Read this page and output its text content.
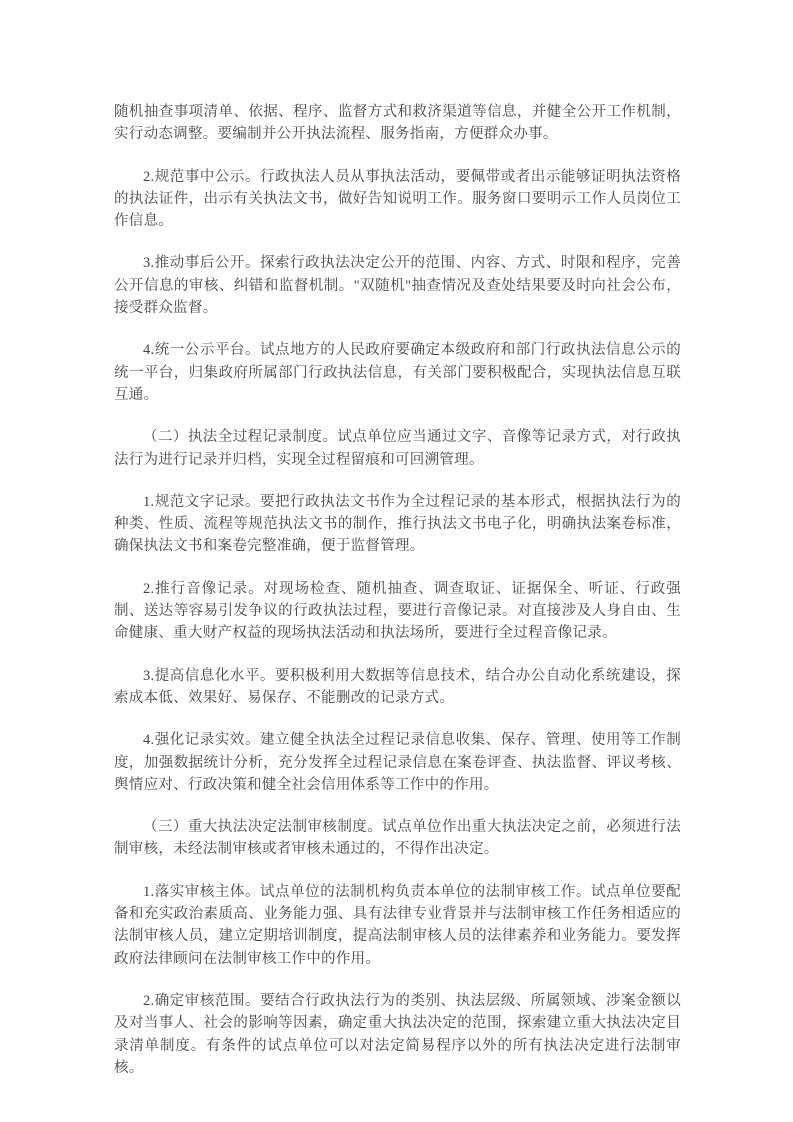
随机抽查事项清单、依据、程序、监督方式和救济渠道等信息，并健全公开工作机制，实行动态调整。要编制并公开执法流程、服务指南，方便群众办事。

2.规范事中公示。行政执法人员从事执法活动，要佩带或者出示能够证明执法资格的执法证件，出示有关执法文书，做好告知说明工作。服务窗口要明示工作人员岗位工作信息。

3.推动事后公开。探索行政执法决定公开的范围、内容、方式、时限和程序，完善公开信息的审核、纠错和监督机制。"双随机"抽查情况及查处结果要及时向社会公布，接受群众监督。

4.统一公示平台。试点地方的人民政府要确定本级政府和部门行政执法信息公示的统一平台，归集政府所属部门行政执法信息，有关部门要积极配合，实现执法信息互联互通。

（二）执法全过程记录制度。试点单位应当通过文字、音像等记录方式，对行政执法行为进行记录并归档，实现全过程留痕和可回溯管理。

1.规范文字记录。要把行政执法文书作为全过程记录的基本形式，根据执法行为的种类、性质、流程等规范执法文书的制作，推行执法文书电子化，明确执法案卷标准，确保执法文书和案卷完整准确，便于监督管理。

2.推行音像记录。对现场检查、随机抽查、调查取证、证据保全、听证、行政强制、送达等容易引发争议的行政执法过程，要进行音像记录。对直接涉及人身自由、生命健康、重大财产权益的现场执法活动和执法场所，要进行全过程音像记录。

3.提高信息化水平。要积极利用大数据等信息技术，结合办公自动化系统建设，探索成本低、效果好、易保存、不能删改的记录方式。

4.强化记录实效。建立健全执法全过程记录信息收集、保存、管理、使用等工作制度，加强数据统计分析，充分发挥全过程记录信息在案卷评查、执法监督、评议考核、舆情应对、行政决策和健全社会信用体系等工作中的作用。

（三）重大执法决定法制审核制度。试点单位作出重大执法决定之前，必须进行法制审核，未经法制审核或者审核未通过的，不得作出决定。

1.落实审核主体。试点单位的法制机构负责本单位的法制审核工作。试点单位要配备和充实政治素质高、业务能力强、具有法律专业背景并与法制审核工作任务相适应的法制审核人员，建立定期培训制度，提高法制审核人员的法律素养和业务能力。要发挥政府法律顾问在法制审核工作中的作用。

2.确定审核范围。要结合行政执法行为的类别、执法层级、所属领域、涉案金额以及对当事人、社会的影响等因素，确定重大执法决定的范围，探索建立重大执法决定目录清单制度。有条件的试点单位可以对法定简易程序以外的所有执法决定进行法制审核。
